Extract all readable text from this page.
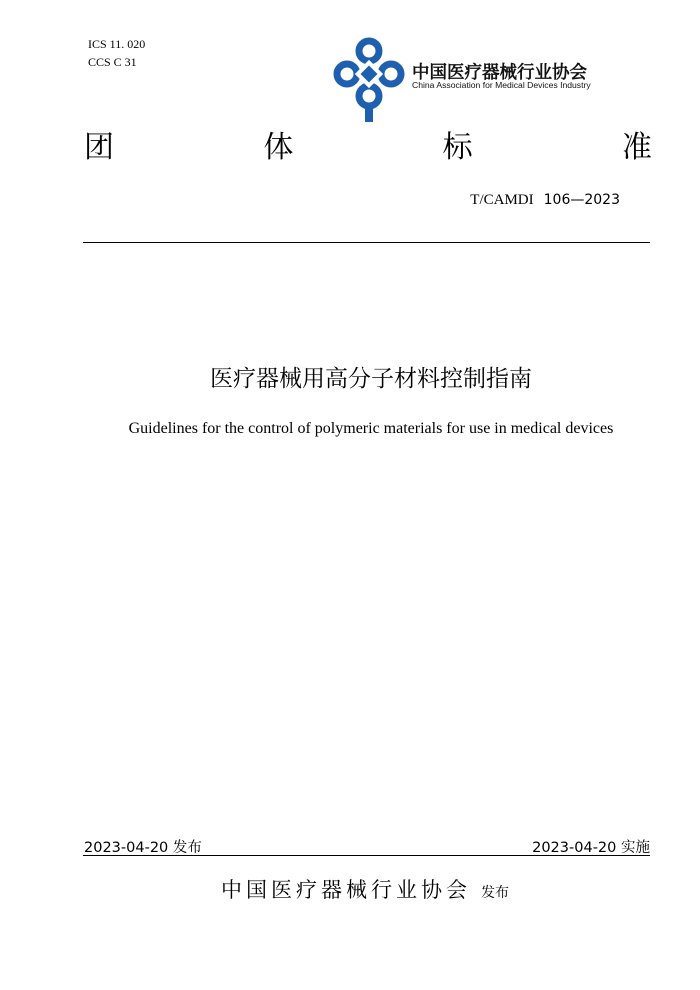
ICS 11. 020
CCS C 31
中国医疗器械行业协会
China Association for Medical Devices Industry
团	体	标	准
T/CAMDI 106—2023
医疗器械用高分子材料控制指南
Guidelines for the control of polymeric materials for use in medical devices
2023-04-20 发布	2023-04-20 实施
中国医疗器械行业协会 发布
